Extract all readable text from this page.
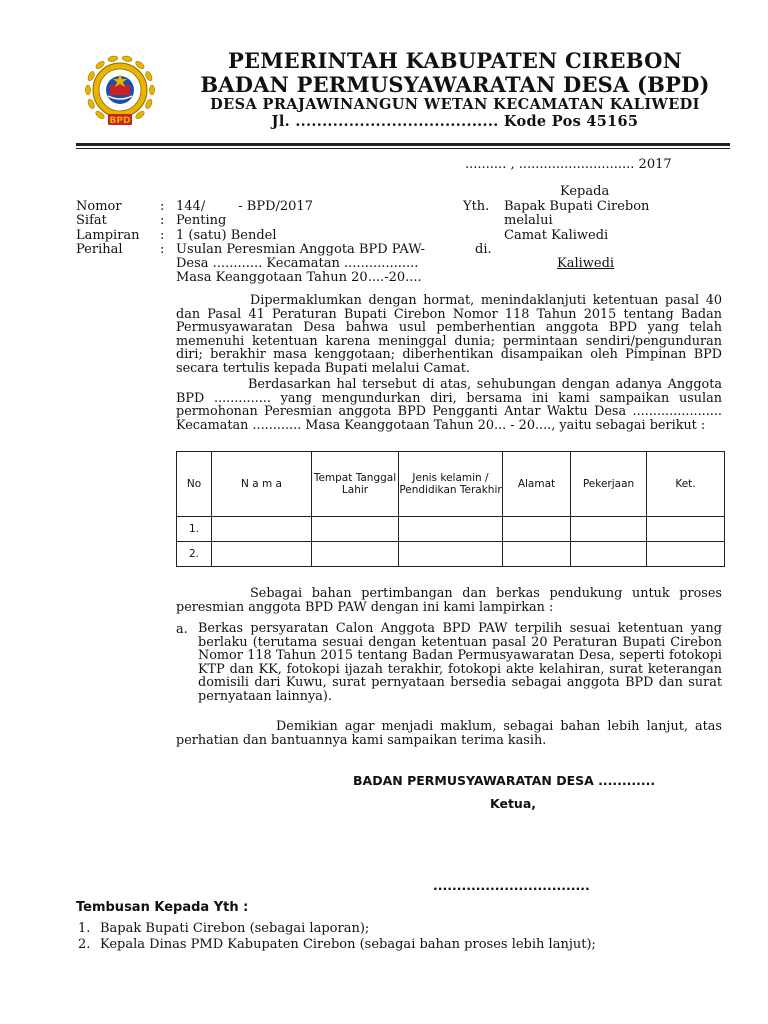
BPD
PEMERINTAH KABUPATEN CIREBON
BADAN PERMUSYAWARATAN DESA (BPD)
DESA PRAJAWINANGUN WETAN KECAMATAN KALIWEDI
Jl. ...................................... Kode Pos 45165
.......... , ............................ 2017
Kepada
Yth. Bapak Bupati Cirebon
melalui
Camat Kaliwedi
di.
Kaliwedi
Nomor	: 144/        - BPD/2017
Sifat	: Penting
Lampiran : 1 (satu) Bendel
Perihal	: Usulan Peresmian Anggota BPD PAW-
Desa ............ Kecamatan ..................
Masa Keanggotaan Tahun 20....-20....
Dipermaklumkan dengan hormat, menindaklanjuti ketentuan pasal 40 dan Pasal 41 Peraturan Bupati Cirebon Nomor 118 Tahun 2015 tentang Badan Permusyawaratan Desa bahwa usul pemberhentian anggota BPD yang telah memenuhi ketentuan karena meninggal dunia; permintaan sendiri/pengunduran diri; berakhir masa kenggotaan; diberhentikan disampaikan oleh Pimpinan BPD secara tertulis kepada Bupati melalui Camat.
Berdasarkan hal tersebut di atas, sehubungan dengan adanya Anggota BPD .............. yang mengundurkan diri, bersama ini kami sampaikan usulan permohonan Peresmian anggota BPD Pengganti Antar Waktu Desa ...................... Kecamatan ............ Masa Keanggotaan Tahun 20... - 20...., yaitu sebagai berikut :
No	N a m a	Tempat Tanggal Lahir	Jenis kelamin / Pendidikan Terakhir	Alamat	Pekerjaan	Ket.
1.						
2.						
Sebagai bahan pertimbangan dan berkas pendukung untuk proses peresmian anggota BPD PAW dengan ini kami lampirkan :
a. Berkas persyaratan Calon Anggota BPD PAW terpilih sesuai ketentuan yang berlaku (terutama sesuai dengan ketentuan pasal 20 Peraturan Bupati Cirebon Nomor 118 Tahun 2015 tentang Badan Permusyawaratan Desa, seperti fotokopi KTP dan KK, fotokopi ijazah terakhir, fotokopi akte kelahiran, surat keterangan domisili dari Kuwu, surat pernyataan bersedia sebagai anggota BPD dan surat pernyataan lainnya).
Demikian agar menjadi maklum, sebagai bahan lebih lanjut, atas perhatian dan bantuannya kami sampaikan terima kasih.
BADAN PERMUSYAWARATAN DESA ............
Ketua,
.................................
Tembusan Kepada Yth :
1. Bapak Bupati Cirebon (sebagai laporan);
2. Kepala Dinas PMD Kabupaten Cirebon (sebagai bahan proses lebih lanjut);
